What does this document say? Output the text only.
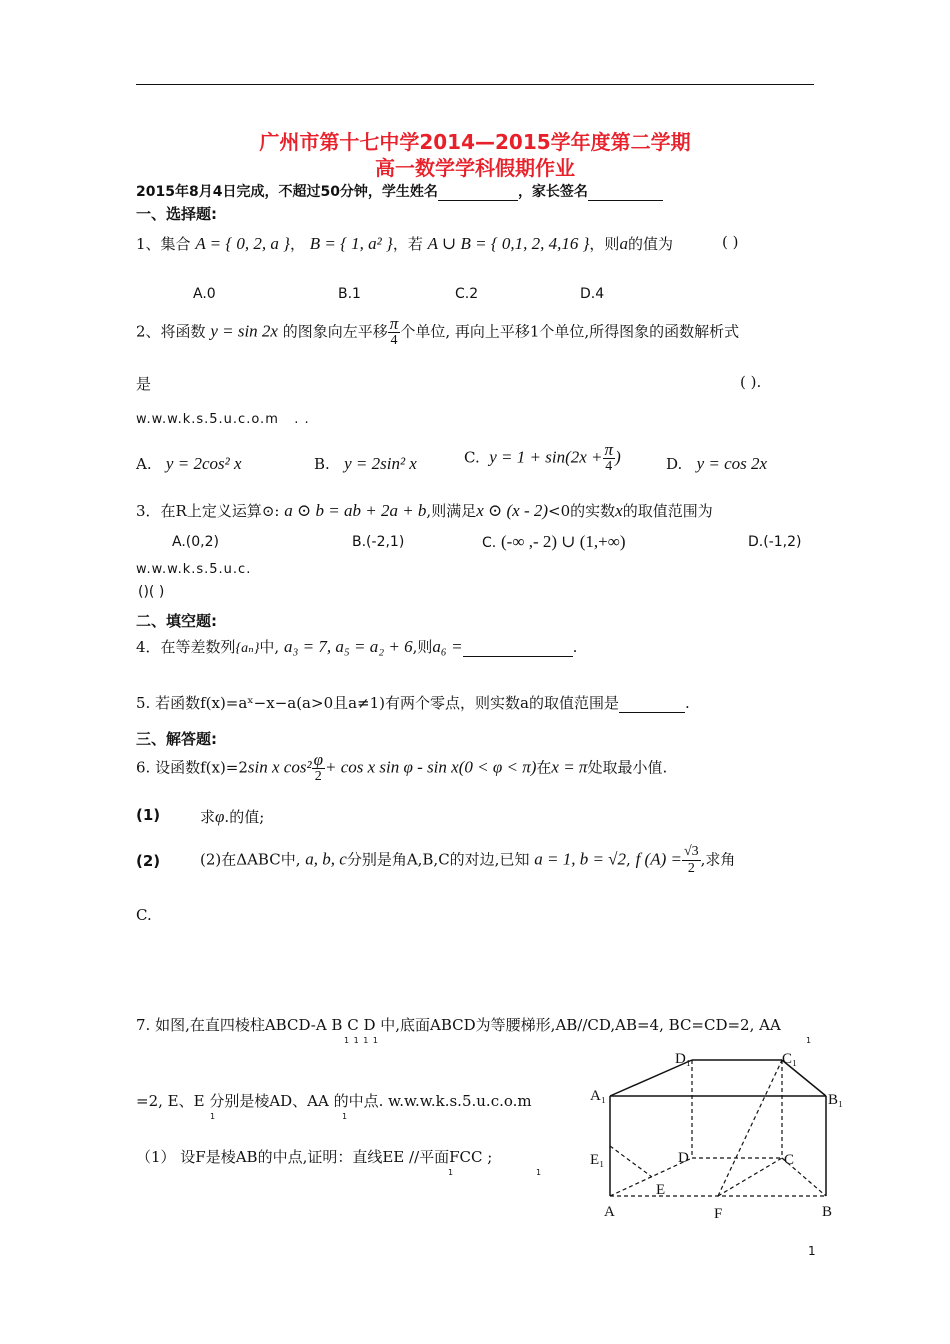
广州市第十七中学2014—2015学年度第二学期
高一数学学科假期作业
2015年8月4日完成，不超过50分钟，学生姓名	，家长签名
一、选择题:
1、集合 A = { 0, 2, a }， B = { 1, a² }，若 A ∪ B = { 0,1, 2, 4,16 }，则a的值为	( )
A.0	B.1	C.2	D.4
2、将函数 y = sin 2x 的图象向左平移 $\frac{\pi}{4}$ 个单位, 再向上平移1个单位,所得图象的函数解析式
是	( ).
w.w.w.k.s.5.u.c.o.m . .
A. y = 2cos² x	B. y = 2sin² x	C. $y = 1 + \sin(2x + \frac{\pi}{4}$ )	D. y = cos 2x
3．在R上定义运算⊙: a ⊙ b = ab + 2a + b,则满足x ⊙ (x - 2)<0的实数x的取值范围为
A.(0,2)	B.(-2,1)	C. (-∞ ,- 2) ∪ (1,+∞)	D.(-1,2)
w.w.w.k.s.5.u.c.
()( )
二、填空题:
4．在等差数列{aₙ}中, a₃ = 7, a₅ = a₂ + 6,则a₆ =	.
5. 若函数f(x)=aˣ−x−a(a>0且a≠1)有两个零点，则实数a的取值范围是	.
三、解答题:
6. 设函数f(x)=2sin x $\cos^2 \frac{\varphi}{2} + \cos x$ sin φ - sin x(0 < φ < π)在x = π处取最小值.
(1)	求φ.的值;
(2)	(2)在ΔABC中, a, b, c分别是角A,B,C的对边,已知 a = 1, b = √2, f $(A) = \frac{√3}{2}$ ,求角
C.
7. 如图,在直四棱柱ABCD-A B C D 中,底面ABCD为等腰梯形,AB//CD,AB=4, BC=CD=2, AA
1 1 1 1	1
=2, E、E 分别是棱AD、AA 的中点. w.w.w.k.s.5.u.c.o.m
1	1
（1） 设F是棱AB的中点,证明：直线EE //平面FCC ;
1	1
D₁	C₁
A₁	B₁
E₁	D	C
E
A	F	B
1
